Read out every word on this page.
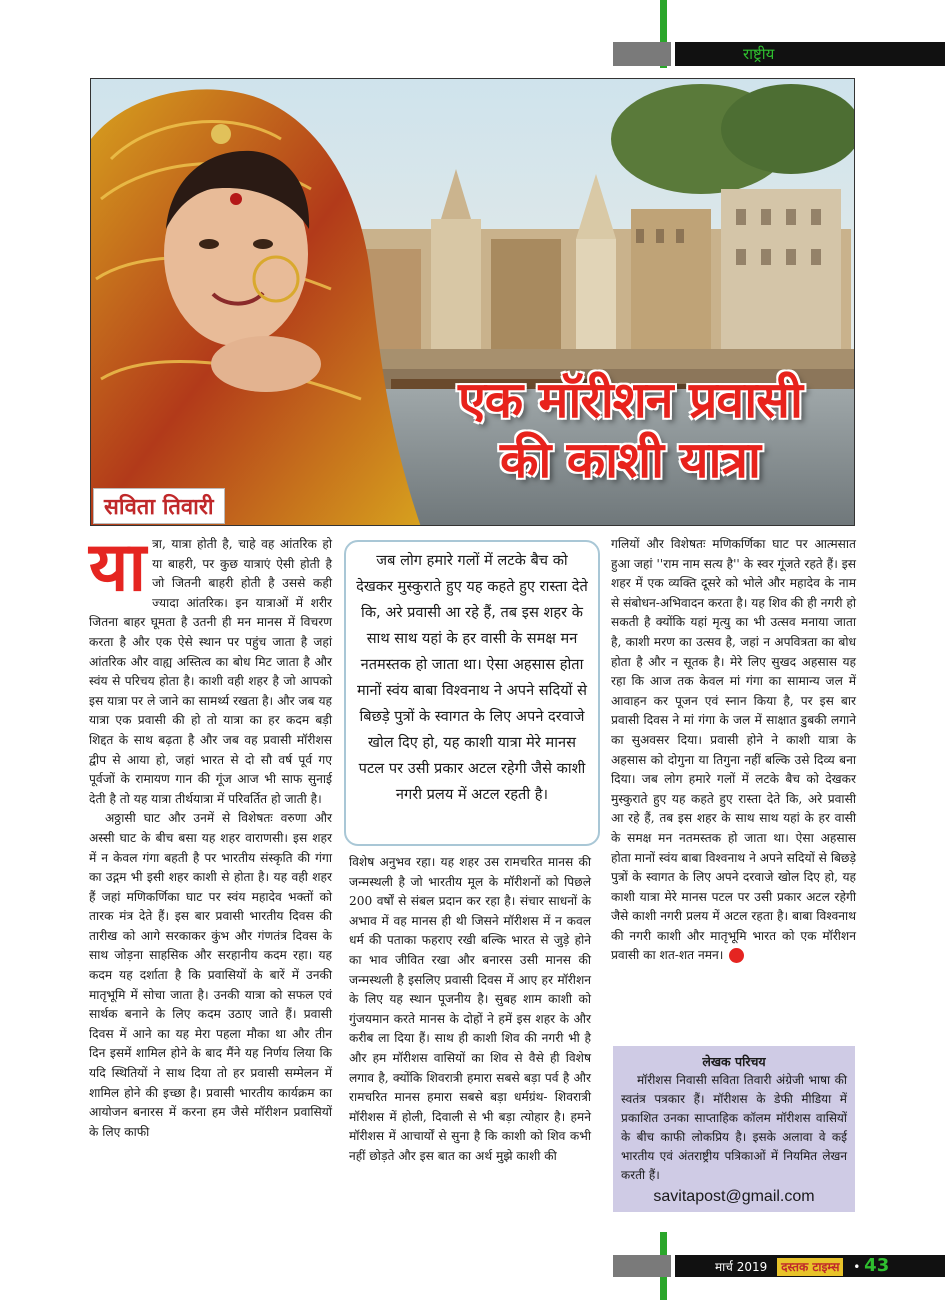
राष्ट्रीय
सविता तिवारी
एक मॉरीशन प्रवासी
की काशी यात्रा

यात्रा, यात्रा होती है, चाहे वह आंतरिक हो या बाहरी, पर कुछ यात्राएं ऐसी होती है जो जितनी बाहरी होती है उससे कही ज्यादा आंतरिक। इन यात्राओं में शरीर जितना बाहर घूमता है उतनी ही मन मानस में विचरण करता है और एक ऐसे स्थान पर पहुंच जाता है जहां आंतरिक और वाह्य अस्तित्व का बोध मिट जाता है और स्वंय से परिचय होता है। काशी वही शहर है जो आपको इस यात्रा पर ले जाने का सामर्थ्य रखता है। और जब यह यात्रा एक प्रवासी की हो तो यात्रा का हर कदम बड़ी शिद्दत के साथ बढ़ता है और जब वह प्रवासी मॉरीशस द्वीप से आया हो, जहां भारत से दो सौ वर्ष पूर्व गए पूर्वजों के रामायण गान की गूंज आज भी साफ सुनाई देती है तो यह यात्रा तीर्थयात्रा में परिवर्तित हो जाती है।

अठ्ठासी घाट और उनमें से विशेषतः वरुणा और अस्सी घाट के बीच बसा यह शहर वाराणसी। इस शहर में न केवल गंगा बहती है पर भारतीय संस्कृति की गंगा का उद्गम भी इसी शहर काशी से होता है। यह वही शहर हैं जहां मणिकर्णिका घाट पर स्वंय महादेव भक्तों को तारक मंत्र देते हैं। इस बार प्रवासी भारतीय दिवस की तारीख को आगे सरकाकर कुंभ और गंणतंत्र दिवस के साथ जोड़ना साहसिक और सरहानीय कदम रहा। यह कदम यह दर्शाता है कि प्रवासियों के बारें में उनकी मातृभूमि में सोचा जाता है। उनकी यात्रा को सफल एवं सार्थक बनाने के लिए कदम उठाए जाते हैं। प्रवासी दिवस में आने का यह मेरा पहला मौका था और तीन दिन इसमें शामिल होने के बाद मैंने यह निर्णय लिया कि यदि स्थितियों ने साथ दिया तो हर प्रवासी सम्मेलन में शामिल होने की इच्छा है। प्रवासी भारतीय कार्यक्रम का आयोजन बनारस में करना हम जैसे मॉरीशन प्रवासियों के लिए काफी

जब लोग हमारे गलों में लटके बैच को देखकर मुस्कुराते हुए यह कहते हुए रास्ता देते कि, अरे प्रवासी आ रहे हैं, तब इस शहर के साथ साथ यहां के हर वासी के समक्ष मन नतमस्तक हो जाता था। ऐसा अहसास होता मानों स्वंय बाबा विश्वनाथ ने अपने सदियों से बिछड़े पुत्रों के स्वागत के लिए अपने दरवाजे खोल दिए हो, यह काशी यात्रा मेरे मानस पटल पर उसी प्रकार अटल रहेगी जैसे काशी नगरी प्रलय में अटल रहती है।

विशेष अनुभव रहा। यह शहर उस रामचरित मानस की जन्मस्थली है जो भारतीय मूल के मॉरीशनों को पिछले 200 वर्षों से संबल प्रदान कर रहा है। संचार साधनों के अभाव में वह मानस ही थी जिसने मॉरीशस में न कवल धर्म की पताका फहराए रखी बल्कि भारत से जुड़े होने का भाव जीवित रखा और बनारस उसी मानस की जन्मस्थली है इसलिए प्रवासी दिवस में आए हर मॉरीशन के लिए यह स्थान पूजनीय है। सुबह शाम काशी को गुंजयमान करते मानस के दोहों ने हमें इस शहर के और करीब ला दिया हैं। साथ ही काशी शिव की नगरी भी है और हम मॉरीशस वासियों का शिव से वैसे ही विशेष लगाव है, क्योंकि शिवरात्री हमारा सबसे बड़ा पर्व है और रामचरित मानस हमारा सबसे बड़ा धर्मग्रंथ- शिवरात्री मॉरीशस में होली, दिवाली से भी बड़ा त्योहार है। हमने मॉरीशस में आचार्यों से सुना है कि काशी को शिव कभी नहीं छोड़ते और इस बात का अर्थ मुझे काशी की

गलियों और विशेषतः मणिकर्णिका घाट पर आत्मसात हुआ जहां ''राम नाम सत्य है'' के स्वर गूंजते रहते हैं। इस शहर में एक व्यक्ति दूसरे को भोले और महादेव के नाम से संबोधन-अभिवादन करता है। यह शिव की ही नगरी हो सकती है क्योंकि यहां मृत्यु का भी उत्सव मनाया जाता है, काशी मरण का उत्सव है, जहां न अपवित्रता का बोध होता है और न सूतक है। मेरे लिए सुखद अहसास यह रहा कि आज तक केवल मां गंगा का सामान्य जल में आवाहन कर पूजन एवं स्नान किया है, पर इस बार प्रवासी दिवस ने मां गंगा के जल में साक्षात डुबकी लगाने का सुअवसर दिया। प्रवासी होने ने काशी यात्रा के अहसास को दोगुना या तिगुना नहीं बल्कि उसे दिव्य बना दिया। जब लोग हमारे गलों में लटके बैच को देखकर मुस्कुराते हुए यह कहते हुए रास्ता देते कि, अरे प्रवासी आ रहे हैं, तब इस शहर के साथ साथ यहां के हर वासी के समक्ष मन नतमस्तक हो जाता था। ऐसा अहसास होता मानों स्वंय बाबा विश्वनाथ ने अपने सदियों से बिछड़े पुत्रों के स्वागत के लिए अपने दरवाजे खोल दिए हो, यह काशी यात्रा मेरे मानस पटल पर उसी प्रकार अटल रहेगी जैसे काशी नगरी प्रलय में अटल रहता है। बाबा विश्वनाथ की नगरी काशी और मातृभूमि भारत को एक मॉरीशन प्रवासी का शत-शत नमन।

लेखक परिचय
मॉरीशस निवासी सविता तिवारी अंग्रेजी भाषा की स्वतंत्र पत्रकार हैं। मॉरीशस के डेफी मीडिया में प्रकाशित उनका साप्ताहिक कॉलम मॉरीशस वासियों के बीच काफी लोकप्रिय है। इसके अलावा वे कई भारतीय एवं अंतराष्ट्रीय पत्रिकाओं में नियमित लेखन करती हैं।
savitapost@gmail.com
मार्च 2019 दस्तक टाइम्स • 43
